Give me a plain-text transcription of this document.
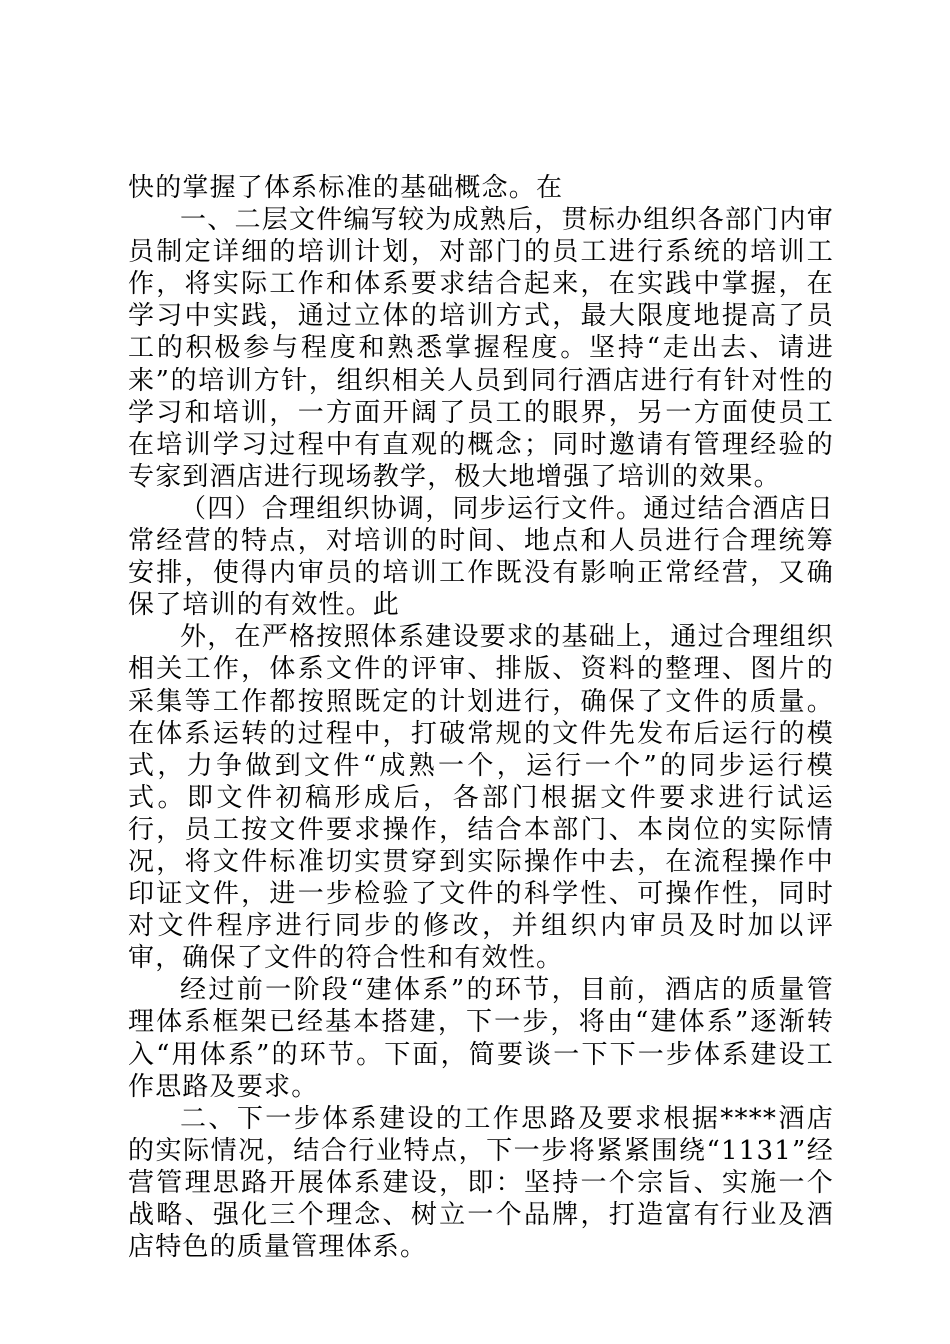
快的掌握了体系标准的基础概念。在

一、二层文件编写较为成熟后，贯标办组织各部门内审员制定详细的培训计划，对部门的员工进行系统的培训工作，将实际工作和体系要求结合起来，在实践中掌握，在学习中实践，通过立体的培训方式，最大限度地提高了员工的积极参与程度和熟悉掌握程度。坚持“走出去、请进来”的培训方针，组织相关人员到同行酒店进行有针对性的学习和培训，一方面开阔了员工的眼界，另一方面使员工在培训学习过程中有直观的概念；同时邀请有管理经验的专家到酒店进行现场教学，极大地增强了培训的效果。

（四）合理组织协调，同步运行文件。通过结合酒店日常经营的特点，对培训的时间、地点和人员进行合理统筹安排，使得内审员的培训工作既没有影响正常经营，又确保了培训的有效性。此

外，在严格按照体系建设要求的基础上，通过合理组织相关工作，体系文件的评审、排版、资料的整理、图片的采集等工作都按照既定的计划进行，确保了文件的质量。在体系运转的过程中，打破常规的文件先发布后运行的模式，力争做到文件“成熟一个，运行一个”的同步运行模式。即文件初稿形成后，各部门根据文件要求进行试运行，员工按文件要求操作，结合本部门、本岗位的实际情况，将文件标准切实贯穿到实际操作中去，在流程操作中印证文件，进一步检验了文件的科学性、可操作性，同时对文件程序进行同步的修改，并组织内审员及时加以评审，确保了文件的符合性和有效性。

经过前一阶段“建体系”的环节，目前，酒店的质量管理体系框架已经基本搭建，下一步，将由“建体系”逐渐转入“用体系”的环节。下面，简要谈一下下一步体系建设工作思路及要求。

二、下一步体系建设的工作思路及要求根据****酒店的实际情况，结合行业特点，下一步将紧紧围绕“1131”经营管理思路开展体系建设，即：坚持一个宗旨、实施一个战略、强化三个理念、树立一个品牌，打造富有行业及酒店特色的质量管理体系。
